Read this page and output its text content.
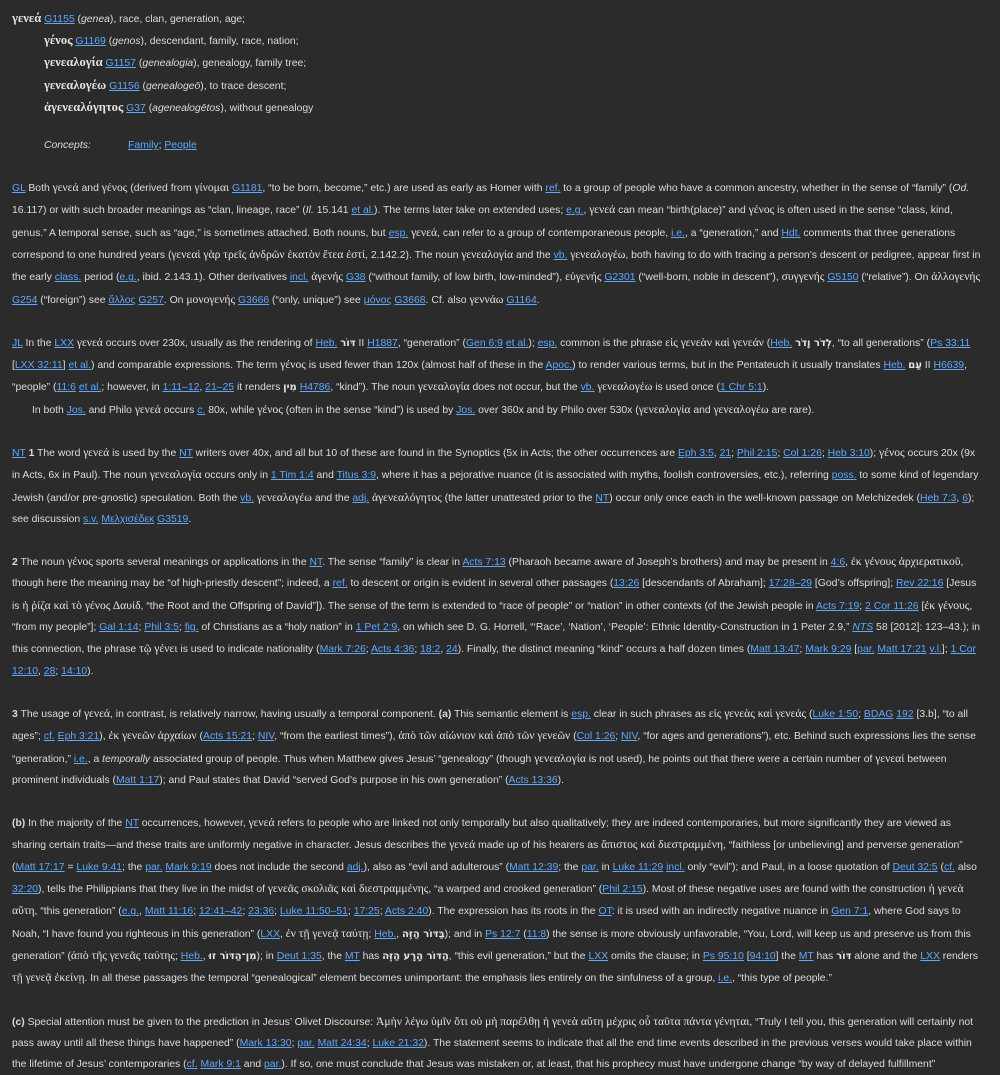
γενεά G1155 (genea), race, clan, generation, age;
γένος G1169 (genos), descendant, family, race, nation;
γενεαλογία G1157 (genealogia), genealogy, family tree;
γενεαλογέω G1156 (genealogeō), to trace descent;
ἀγενεαλόγητος G37 (agenealogētos), without genealogy
Concepts:	Family; People

GL Both γενεά and γένος (derived from γίνομαι G1181, “to be born, become,” etc.) are used as early as Homer with ref. to a group of people who have a common ancestry, whether in the sense of “family” (Od. 16.117) or with such broader meanings as “clan, lineage, race” (Il. 15.141 et al.). The terms later take on extended uses; e.g., γενεά can mean “birth(place)” and γένος is often used in the sense “class, kind, genus.” A temporal sense, such as “age,” is sometimes attached. Both nouns, but esp. γενεά, can refer to a group of contemporaneous people, i.e., a “generation,” and Hdt. comments that three generations correspond to one hundred years (γενεαὶ γὰρ τρεῖς ἀνδρῶν ἑκατὸν ἔτεα ἐστί, 2.142.2). The noun γενεαλογία and the vb. γενεαλογέω, both having to do with tracing a person’s descent or pedigree, appear first in the early class. period (e.g., ibid. 2.143.1). Other derivatives incl. ἀγενής G38 (“without family, of low birth, low-minded”), εὐγενής G2301 (“well-born, noble in descent”), συγγενής G5150 (“relative”). On ἀλλογενής G254 (“foreign”) see ἄλλος G257. On μονογενής G3666 (“only, unique”) see μόνος G3668. Cf. also γεννάω G1164.

JL In the LXX γενεά occurs over 230x, usually as the rendering of Heb. דּוֹר II H1887, “generation” (Gen 6:9 et al.); esp. common is the phrase εἰς γενεὰν καὶ γενεάν (Heb. לְדֹר וָדֹר, “to all generations” (Ps 33:11 [LXX 32:11] et al.) and comparable expressions. The term γένος is used fewer than 120x (almost half of these in the Apoc.) to render various terms, but in the Pentateuch it usually translates Heb. עַם II H6639, “people” (11:6 et al.; however, in 1:11–12, 21–25 it renders מִין H4786, “kind”). The noun γενεαλογία does not occur, but the vb. γενεαλογέω is used once (1 Chr 5:1).

In both Jos. and Philo γενεά occurs c. 80x, while γένος (often in the sense “kind”) is used by Jos. over 360x and by Philo over 530x (γενεαλογία and γενεαλογέω are rare).

NT 1 The word γενεά is used by the NT writers over 40x, and all but 10 of these are found in the Synoptics (5x in Acts; the other occurrences are Eph 3:5, 21; Phil 2:15; Col 1:26; Heb 3:10); γένος occurs 20x (9x in Acts, 6x in Paul). The noun γενεαλογία occurs only in 1 Tim 1:4 and Titus 3:9, where it has a pejorative nuance (it is associated with myths, foolish controversies, etc.), referring poss. to some kind of legendary Jewish (and/or pre-gnostic) speculation. Both the vb. γενεαλογέω and the adj. ἀγενεαλόγητος (the latter unattested prior to the NT) occur only once each in the well-known passage on Melchizedek (Heb 7:3, 6); see discussion s.v. Μελχισέδεκ G3519.

2 The noun γένος sports several meanings or applications in the NT. The sense “family” is clear in Acts 7:13 (Pharaoh became aware of Joseph’s brothers) and may be present in 4:6, ἐκ γένους ἀρχιερατικοῦ, though here the meaning may be “of high-priestly descent”; indeed, a ref. to descent or origin is evident in several other passages (13:26 [descendants of Abraham]; 17:28–29 [God’s offspring]; Rev 22:16 [Jesus is ἡ ῥίζα καὶ τὸ γένος Δαυίδ, “the Root and the Offspring of David”]). The sense of the term is extended to “race of people” or “nation” in other contexts (of the Jewish people in Acts 7:19; 2 Cor 11:26 [ἐκ γένους, “from my people”]; Gal 1:14; Phil 3:5; fig. of Christians as a “holy nation” in 1 Pet 2:9, on which see D. G. Horrell, “‘Race’, ‘Nation’, ‘People’: Ethnic Identity-Construction in 1 Peter 2.9,” NTS 58 [2012]: 123–43.); in this connection, the phrase τῷ γένει is used to indicate nationality (Mark 7:26; Acts 4:36; 18:2, 24). Finally, the distinct meaning “kind” occurs a half dozen times (Matt 13:47; Mark 9:29 [par. Matt 17:21 v.l.]; 1 Cor 12:10, 28; 14:10).

3 The usage of γενεά, in contrast, is relatively narrow, having usually a temporal component. (a) This semantic element is esp. clear in such phrases as εἰς γενεὰς καὶ γενεάς (Luke 1:50; BDAG 192 [3.b], “to all ages”; cf. Eph 3:21), ἐκ γενεῶν ἀρχαίων (Acts 15:21; NIV, “from the earliest times”), ἀπὸ τῶν αἰώνιον καὶ ἀπὸ τῶν γενεῶν (Col 1:26; NIV, “for ages and generations”), etc. Behind such expressions lies the sense “generation,” i.e., a temporally associated group of people. Thus when Matthew gives Jesus’ “genealogy” (though γενεαλογία is not used), he points out that there were a certain number of γενεαί between prominent individuals (Matt 1:17); and Paul states that David “served God’s purpose in his own generation” (Acts 13:36).

(b) In the majority of the NT occurrences, however, γενεά refers to people who are linked not only temporally but also qualitatively; they are indeed contemporaries, but more significantly they are viewed as sharing certain traits—and these traits are uniformly negative in character. Jesus describes the γενεά made up of his hearers as ἄπιστος καὶ διεστραμμένη, “faithless [or unbelieving] and perverse generation” (Matt 17:17 = Luke 9:41; the par. Mark 9:19 does not include the second adj.), also as “evil and adulterous” (Matt 12:39; the par. in Luke 11:29 incl. only “evil”); and Paul, in a loose quotation of Deut 32:5 (cf. also 32:20), tells the Philippians that they live in the midst of γενεᾶς σκολιᾶς καὶ διεστραμμένης, “a warped and crooked generation” (Phil 2:15). Most of these negative uses are found with the construction ἡ γενεὰ αὕτη, “this generation” (e.g., Matt 11:16; 12:41–42; 23:36; Luke 11:50–51; 17:25; Acts 2:40). The expression has its roots in the OT: it is used with an indirectly negative nuance in Gen 7:1, where God says to Noah, “I have found you righteous in this generation” (LXX, ἐν τῇ γενεᾷ ταύτῃ; Heb., בַּדּוֹר הַזֶּה); and in Ps 12:7 (11:8) the sense is more obviously unfavorable, “You, Lord, will keep us and preserve us from this generation” (ἀπὸ τῆς γενεᾶς ταύτης; Heb., מִן־הַדּוֹר זוּ); in Deut 1:35, the MT has הַדּוֹר הָרָע הַזֶּה, “this evil generation,” but the LXX omits the clause; in Ps 95:10 [94:10] the MT has דּוֹר alone and the LXX renders τῇ γενεᾷ ἐκείνῃ. In all these passages the temporal “genealogical” element becomes unimportant: the emphasis lies entirely on the sinfulness of a group, i.e., “this type of people.”

(c) Special attention must be given to the prediction in Jesus’ Olivet Discourse: Ἀμὴν λέγω ὑμῖν ὅτι οὐ μὴ παρέλθῃ ἡ γενεὰ αὕτη μέχρις οὗ ταῦτα πάντα γένηται, “Truly I tell you, this generation will certainly not pass away until all these things have happened” (Mark 13:30; par. Matt 24:34; Luke 21:32). The statement seems to indicate that all the end time events described in the previous verses would take place within the lifetime of Jesus’ contemporaries (cf. Mark 9:1 and par.). If so, one must conclude that Jesus was mistaken or, at least, that his prophecy must have undergone change “by way of delayed fulfillment”
